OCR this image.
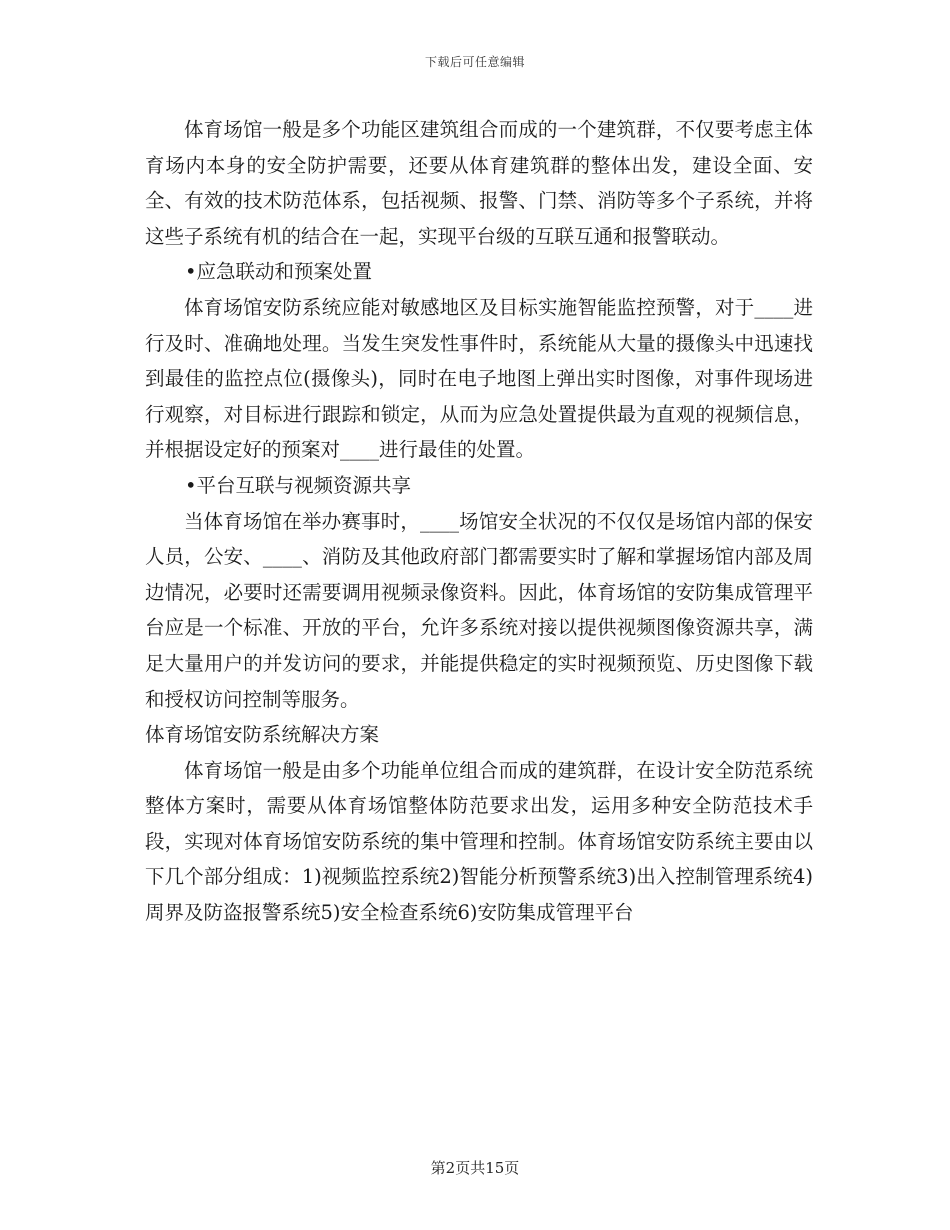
下载后可任意编辑

体育场馆一般是多个功能区建筑组合而成的一个建筑群，不仅要考虑主体育场内本身的安全防护需要，还要从体育建筑群的整体出发，建设全面、安全、有效的技术防范体系，包括视频、报警、门禁、消防等多个子系统，并将这些子系统有机的结合在一起，实现平台级的互联互通和报警联动。

•应急联动和预案处置

体育场馆安防系统应能对敏感地区及目标实施智能监控预警，对于____进行及时、准确地处理。当发生突发性事件时，系统能从大量的摄像头中迅速找到最佳的监控点位(摄像头)，同时在电子地图上弹出实时图像，对事件现场进行观察，对目标进行跟踪和锁定，从而为应急处置提供最为直观的视频信息，并根据设定好的预案对____进行最佳的处置。

•平台互联与视频资源共享

当体育场馆在举办赛事时，____场馆安全状况的不仅仅是场馆内部的保安人员，公安、____、消防及其他政府部门都需要实时了解和掌握场馆内部及周边情况，必要时还需要调用视频录像资料。因此，体育场馆的安防集成管理平台应是一个标准、开放的平台，允许多系统对接以提供视频图像资源共享，满足大量用户的并发访问的要求，并能提供稳定的实时视频预览、历史图像下载和授权访问控制等服务。

体育场馆安防系统解决方案

体育场馆一般是由多个功能单位组合而成的建筑群，在设计安全防范系统整体方案时，需要从体育场馆整体防范要求出发，运用多种安全防范技术手段，实现对体育场馆安防系统的集中管理和控制。体育场馆安防系统主要由以下几个部分组成：1)视频监控系统2)智能分析预警系统3)出入控制管理系统4)周界及防盗报警系统5)安全检查系统6)安防集成管理平台

第2页共15页
